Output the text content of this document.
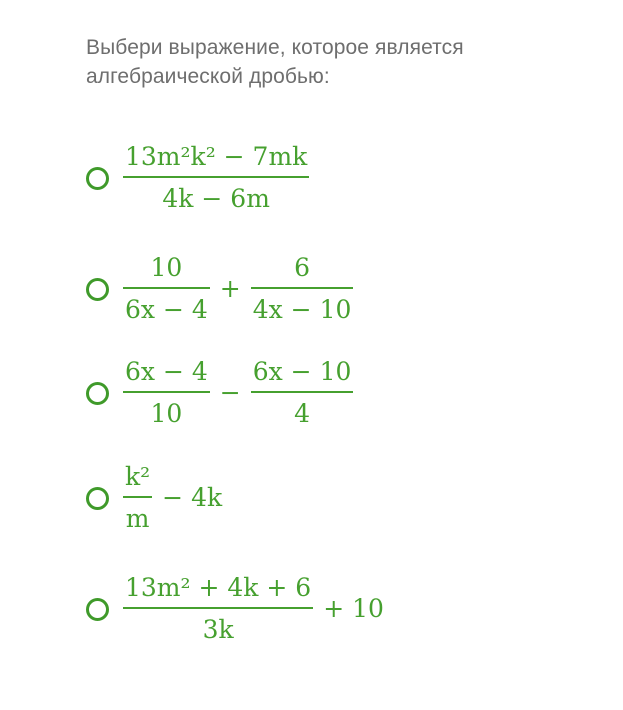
Выбери выражение, которое является алгебраической дробью:
$\frac{\text{13m²k² − 7mk}}{4k - 6m}$
$\frac{10}{6x - 4} + \frac{6}{4x - 10}$
$\frac{6x - 4}{10} - \frac{6x - 10}{4}$
$\frac{\text{k²}}{m} - 4k$
$\frac{\text{13m² + 4k + 6}}{3k} + 10$
